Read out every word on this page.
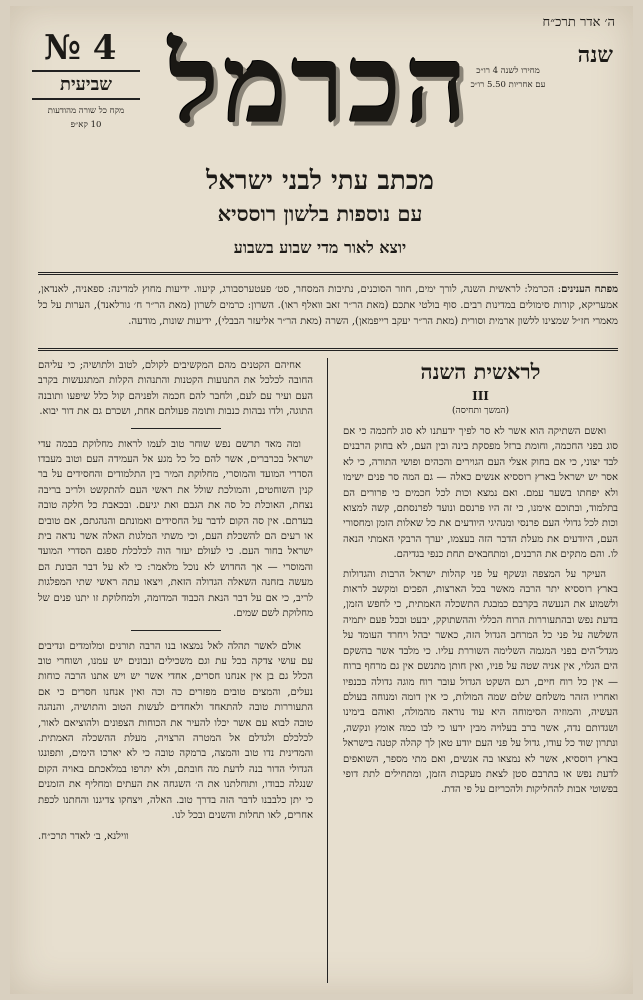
ה׳ אדר תרכ״ח
שנה
№ 4
שביעית
מקח כל שורה מהודעות
10 קא״פ
מחירו לשנה 4 רו״כ
עם אחריות 5.50 רו״כ
הכרמל
מכתב עתי לבני ישראל
עם נוספות בלשון רוססיא
יוצא לאור מדי שבוע בשבוע
מפתח הענינים: הכרמל: לראשית השנה, לורך ימים, חוזר הסוכנים, נתיבות המסחר, סט׳ פעטערסבורג, קיעוו. ידיעות מחוץ למדינה: ספאניה, לאנדאן, אמעריקא, קורות סימולים במדינות רבים. סוף בולטי אתכם (מאת הר״ר זאב וואלף ראו). השרון: כרמים לשרון (מאת הר״ר ח׳ גורלאנד), הערות על כל מאמרי חז״ל שמצינו ללשון ארמית וסורית (מאת הר״ר יעקב רייפמאן), השרה (מאת הר״ר אליעזר הבבלי), ידיעות שונות, מודעה.
לראשית השנה
III
(המשך ותחיסה)

ואשם השתיקה הוא אשר לא סר לפיך ידעתנו לא סוג לחכמה כי אם סוג בפני החכמה, וחומת ברזל מפסקת בינה ובין העם, לא בחוק הרבנים לבד יצוני, כי אם בחוק אצלי העם הגוירים והכהים ופושי התורה, כי לא אסר יש ישראל בארץ רוססיא אנשים כאלה — גם המה סר פנים ישימו ולא יפחתו בשער עמם. ואם נמצא וכות לכל חכמים כי פרורים הם בתלמוד, ובתוכם אימנו, כי זה היו פרנסם ונועד לפרנסתם, קשה למצוא וכות לכל גדולי העם פרנסי ומנהיגי היודעים את כל שאלות הזמן ומחסורי העם, היודעים את מעלת הדבר הזה בעצמו, יערך הרבקי האמתי הנאה לו. והם מתקים את הרבנים, ומתחבאים תחת כנפי בגדיהם.

העיקר על המצפה ונשקף על פני קהלות ישראל הרבות והגדולות בארץ רוססיא יתר הרבה מאשר בכל הארצות, הפכים ומקשב לראות ולשמוע את הנעשה בקרבם כמבגת התשכלה האמתית, כי לחפש הזמן, בדעת נפש ובהתעוררות הרוח הכללי וההשתוקק, יבעט ובכל פעם יתמיה השלשה על פני כל המרחב הגדול הזה, כאשר יבהל ויחרד העומד על מגדל־הים בפני המגמה השלימה השוררת עליו. כי מלבד אשר בהשקם הים הגלוי, אין אניה שטה על פניו, ואין חותן מתנשם אין גם מרחף ברוח — אין כל רוח חיים, רגם השקט הגדול עובר רוח מוגה גדולה בכנפיו ואחריו הזהר משלחם שלום שמה המולות, כי אין דומה ומנוחה בעולם העשיה, והמוזיה הסימוחה היא עוד נוראה מהמולה, ואוהם בימינו ושגדותם נדה, אשר ברב בעלויה מבין ידעו כי לבו כמה אומץ ונקשה, ונתרון שוד כל עודו, גדול על פני העם יודע טאן לך קהלה קטנה בישראל בארץ רוססיא, אשר לא נמצאו בה אנשים, ואם מתי מספר, השואפים לדעת נפש או בתרבם סטן לצאת מעקבות הזמן, ומתחילים לתת דופי בפשוטי אבות להחליקות ולהכריזם על פי הדת.

אחיהם הקטנים מהם המקשיבים לקולם, לטוב ולתושיה; כי עליהם החובה לכלכל את התנועות הקטנות והתנהות הקלות המתגעשות בקרב העם ועיר עם לעם, ולחבר להם חכמה ולפניהם קול כלל שיפעו ותובנה התוגה, ולדו נבהות כנבות ותומה פעולתם אחת, ושכרם גם את דור יבוא.

ומה מאד תרשם נפש שוחר טוב לעמו לראות מחלוקת בבמה עדי ישראל בכרברים, אשר להם כל כל מגע אל העמידה העם וטוב מעבדו הסדרי המועד והמוסרי, מחלוקת המיר בין התלמודים והחסידים על בר קנין השוחטים, והמולכת שולל את ראשי העם להתקשט ולריב בריבה נצחת, האוכלת כל סה את הגבם ואת יגיעם. ובכאבת כל חלקה טובה בעדתם. אין סה הקום לדבר על החסידים ואמונתם והנהגתם, אם טובים או רעים הם להשכלת העם, וכי משתי המלגות האלה אשר נדאה בית ישראל בחור העם. כי לעולם יעזר הוה לכלכלת ספגם הסדרי המועד והמוסרי — אך החדוש לא נוכל מלאמר: כי לא על דבר הבונת הם מעשה בזחנה השאלה הגדולה הזאת, ויצאו עתה ראשי שתי המפלגות לריב, כי אם על דבר הנאת הכבוד המדומה, ולמחלוקת זו יתנו פנים של מחלוקת לשם שמים.

אולם לאשר תהלה לאל נמצאו בנו הרבה תורנים ומלומדים ונדיבים עם עושי צדקה בכל עת וגם משכילים ונבונים יש עמנו, ושוחרי טוב הכלל גם בן אין אנחנו חסרים, אחדי אשר יש ויש אתנו הרבה כוחות נעלים, והמצים טובים מפזרים כה וכה ואין אנחנו חסרים כי אם התעוררות טובה להתאחד ולאחדים לעשות הטוב והתושיה, והנהגה טובה לבוא עם אשר יכלו להעיר את הכוחות הצפונים ולהוציאם לאור, לכלכלם ולגדלם אל המטרה הרצויה, מעלת ההשכלה האמתית. והמדינית נדו טוב והמצה, ברמקה טובה כי לא יארכו הימים, ותפונגו הגדולי הדור בנה לדעת מה חובתם, ולא יתרפו במלאכתם באויה הקום שנגלה כבודו, ותוחלתנו את ה׳ השגחה את העתים ומחליף את הזמנים כי יתן כלבבנו לדבר הזה בדרך טוב. האלה, ויצחקו צדיגנו והחתנו לכפת אחרים, לאו תחלות והשנים ובכל לנו.

ווילנא, ב׳ לאדר תרכ״ח.
